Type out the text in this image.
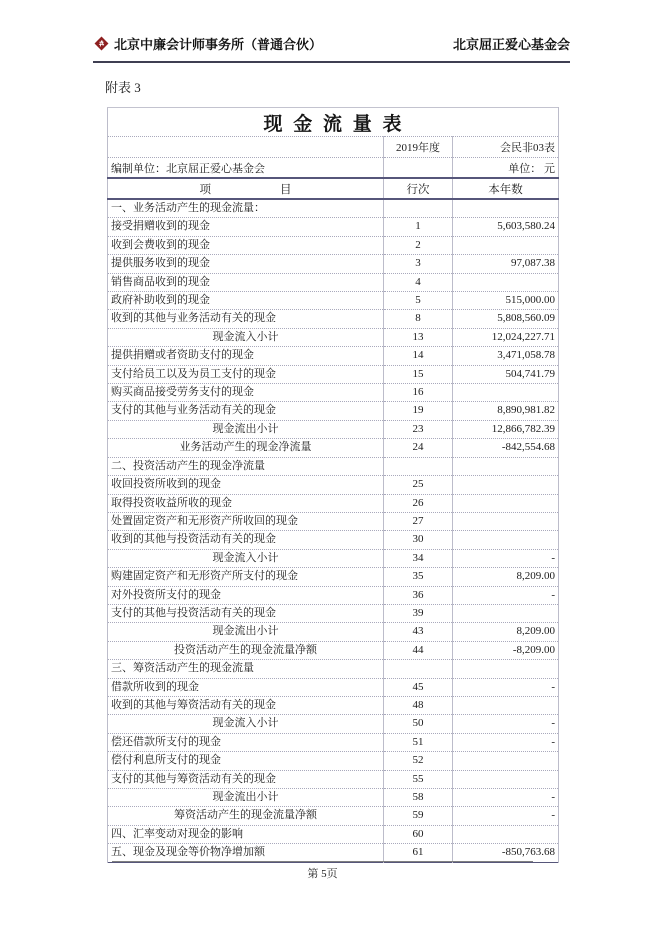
北京中廉会计师事务所（普通合伙）	北京屈正爱心基金会
附表 3
现 金 流 量 表		
	2019年度	会民非03表
编制单位：北京屈正爱心基金会		单位： 元
项　　　　　　目	行次	本年数
一、业务活动产生的现金流量：		
接受捐赠收到的现金	1	5,603,580.24
收到会费收到的现金	2	
提供服务收到的现金	3	97,087.38
销售商品收到的现金	4	
政府补助收到的现金	5	515,000.00
收到的其他与业务活动有关的现金	8	5,808,560.09
现金流入小计	13	12,024,227.71
提供捐赠或者资助支付的现金	14	3,471,058.78
支付给员工以及为员工支付的现金	15	504,741.79
购买商品接受劳务支付的现金	16	
支付的其他与业务活动有关的现金	19	8,890,981.82
现金流出小计	23	12,866,782.39
业务活动产生的现金净流量	24	-842,554.68
二、投资活动产生的现金净流量		
收回投资所收到的现金	25	
取得投资收益所收的现金	26	
处置固定资产和无形资产所收回的现金	27	
收到的其他与投资活动有关的现金	30	
现金流入小计	34	-
购建固定资产和无形资产所支付的现金	35	8,209.00
对外投资所支付的现金	36	-
支付的其他与投资活动有关的现金	39	
现金流出小计	43	8,209.00
投资活动产生的现金流量净额	44	-8,209.00
三、筹资活动产生的现金流量		
借款所收到的现金	45	-
收到的其他与筹资活动有关的现金	48	
现金流入小计	50	-
偿还借款所支付的现金	51	-
偿付利息所支付的现金	52	
支付的其他与筹资活动有关的现金	55	
现金流出小计	58	-
筹资活动产生的现金流量净额	59	-
四、汇率变动对现金的影响	60	
五、现金及现金等价物净增加额	61	-850,763.68
第 5页
